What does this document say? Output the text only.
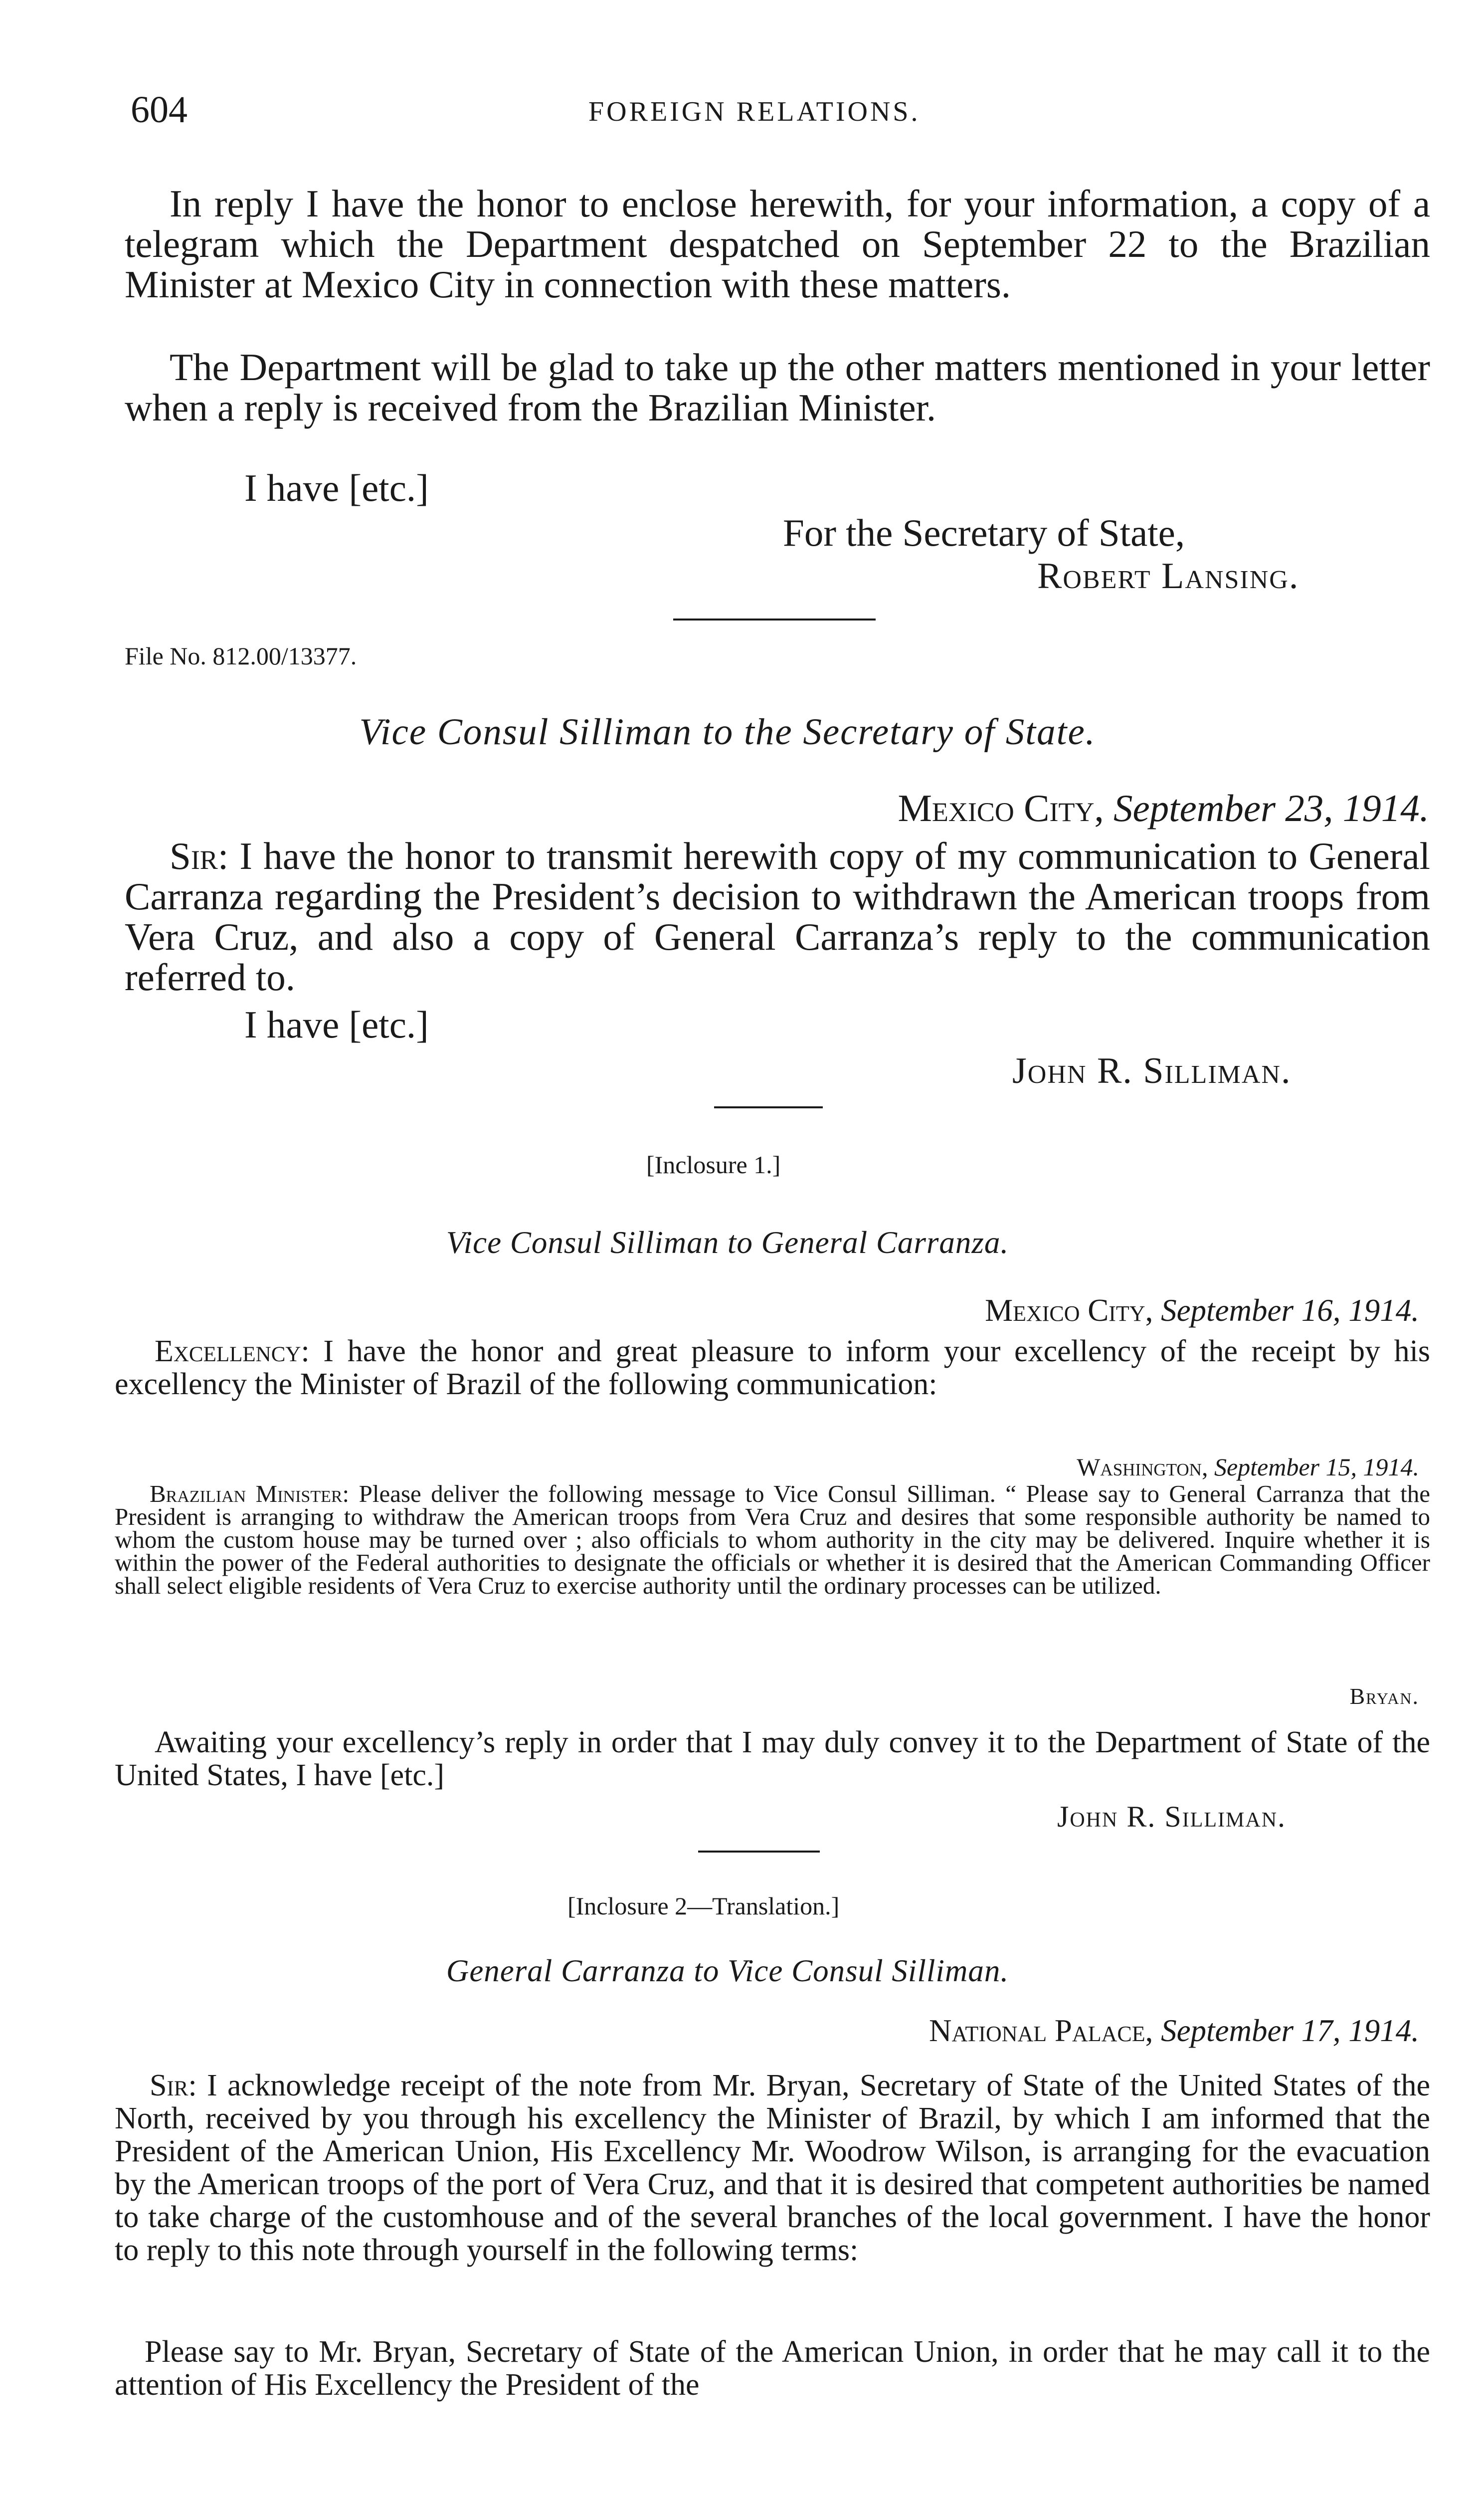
604	FOREIGN RELATIONS.

In reply I have the honor to enclose herewith, for your information, a copy of a telegram which the Department despatched on September 22 to the Brazilian Minister at Mexico City in connection with these matters.

The Department will be glad to take up the other matters mentioned in your letter when a reply is received from the Brazilian Minister.

I have [etc.]
For the Secretary of State,
Robert Lansing.
File No. 812.00/13377.
Vice Consul Silliman to the Secretary of State.
Mexico City, September 23, 1914.

Sir: I have the honor to transmit herewith copy of my communication to General Carranza regarding the President’s decision to withdrawn the American troops from Vera Cruz, and also a copy of General Carranza’s reply to the communication referred to.

I have [etc.]
John R. Silliman.
[Inclosure 1.]
Vice Consul Silliman to General Carranza.
Mexico City, September 16, 1914.

Excellency: I have the honor and great pleasure to inform your excellency of the receipt by his excellency the Minister of Brazil of the following communication:

Washington, September 15, 1914.

Brazilian Minister: Please deliver the following message to Vice Consul Silliman. “ Please say to General Carranza that the President is arranging to withdraw the American troops from Vera Cruz and desires that some responsible authority be named to whom the custom house may be turned over ; also officials to whom authority in the city may be delivered. Inquire whether it is within the power of the Federal authorities to designate the officials or whether it is desired that the American Commanding Officer shall select eligible residents of Vera Cruz to exercise authority until the ordinary processes can be utilized.

Bryan.

Awaiting your excellency’s reply in order that I may duly convey it to the Department of State of the United States, I have [etc.]

John R. Silliman.
[Inclosure 2—Translation.]
General Carranza to Vice Consul Silliman.
National Palace, September 17, 1914.

Sir: I acknowledge receipt of the note from Mr. Bryan, Secretary of State of the United States of the North, received by you through his excellency the Minister of Brazil, by which I am informed that the President of the American Union, His Excellency Mr. Woodrow Wilson, is arranging for the evacuation by the American troops of the port of Vera Cruz, and that it is desired that competent authorities be named to take charge of the customhouse and of the several branches of the local government. I have the honor to reply to this note through yourself in the following terms:

Please say to Mr. Bryan, Secretary of State of the American Union, in order that he may call it to the attention of His Excellency the President of the
